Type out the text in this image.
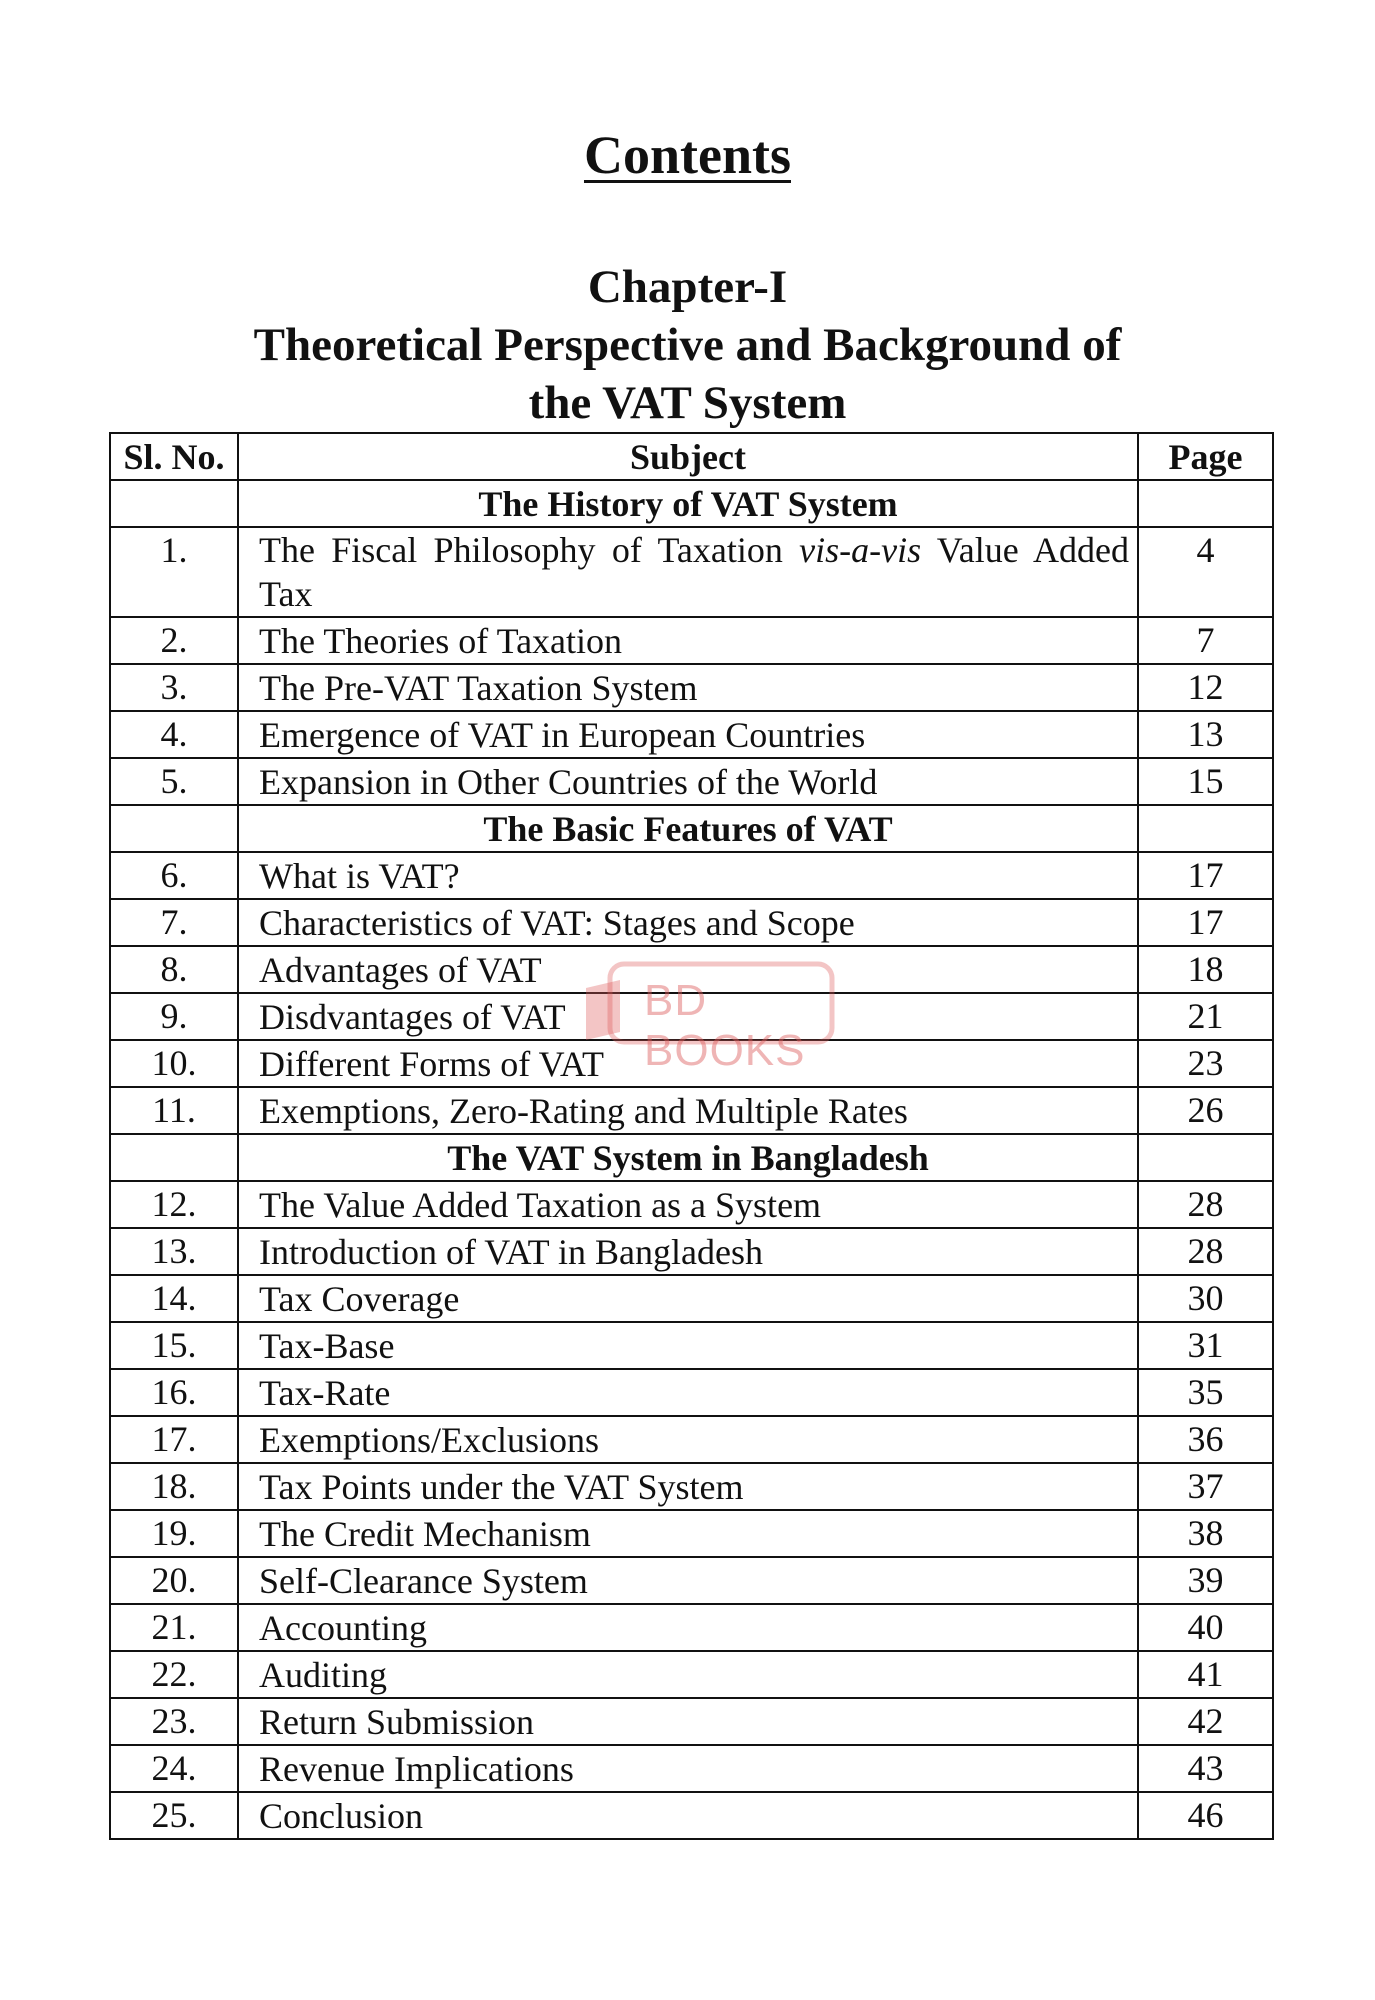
Contents
Chapter-I
Theoretical Perspective and Background of
the VAT System
Sl. No.	Subject	Page
	The History of VAT System	
1.	The Fiscal Philosophy of Taxation vis-a-vis Value Added Tax	4
2.	The Theories of Taxation	7
3.	The Pre-VAT Taxation System	12
4.	Emergence of VAT in European Countries	13
5.	Expansion in Other Countries of the World	15
	The Basic Features of VAT	
6.	What is VAT?	17
7.	Characteristics of VAT: Stages and Scope	17
8.	Advantages of VAT	18
9.	Disdvantages of VAT	21
10.	Different Forms of VAT	23
11.	Exemptions, Zero-Rating and Multiple Rates	26
	The VAT System in Bangladesh	
12.	The Value Added Taxation as a System	28
13.	Introduction of VAT in Bangladesh	28
14.	Tax Coverage	30
15.	Tax-Base	31
16.	Tax-Rate	35
17.	Exemptions/Exclusions	36
18.	Tax Points under the VAT System	37
19.	The Credit Mechanism	38
20.	Self-Clearance System	39
21.	Accounting	40
22.	Auditing	41
23.	Return Submission	42
24.	Revenue Implications	43
25.	Conclusion	46
BD BOOKS
